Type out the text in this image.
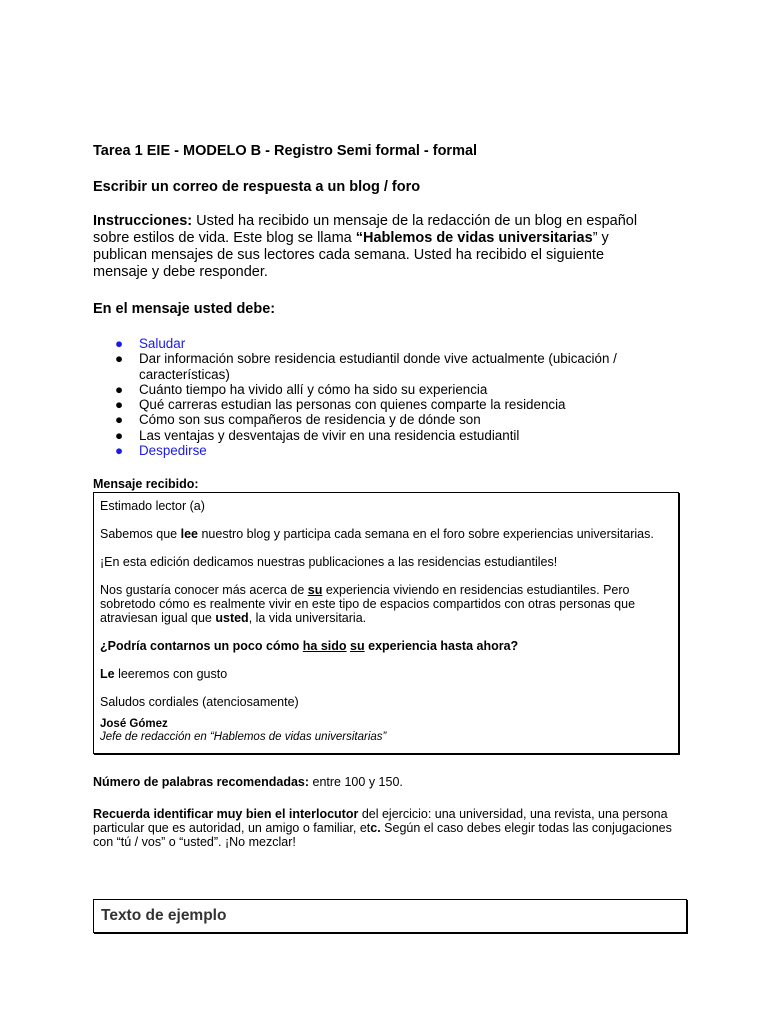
Tarea 1 EIE - MODELO B - Registro Semi formal - formal

Escribir un correo de respuesta a un blog / foro

Instrucciones: Usted ha recibido un mensaje de la redacción de un blog en español sobre estilos de vida. Este blog se llama “Hablemos de vidas universitarias” y publican mensajes de sus lectores cada semana. Usted ha recibido el siguiente mensaje y debe responder.

En el mensaje usted debe:

● Saludar
● Dar información sobre residencia estudiantil donde vive actualmente (ubicación / características)
● Cuánto tiempo ha vivido allí y cómo ha sido su experiencia
● Qué carreras estudian las personas con quienes comparte la residencia
● Cómo son sus compañeros de residencia y de dónde son
● Las ventajas y desventajas de vivir en una residencia estudiantil
● Despedirse

Mensaje recibido:

Estimado lector (a)

Sabemos que lee nuestro blog y participa cada semana en el foro sobre experiencias universitarias.

¡En esta edición dedicamos nuestras publicaciones a las residencias estudiantiles!

Nos gustaría conocer más acerca de su experiencia viviendo en residencias estudiantiles. Pero sobretodo cómo es realmente vivir en este tipo de espacios compartidos con otras personas que atraviesan igual que usted, la vida universitaria.

¿Podría contarnos un poco cómo ha sido su experiencia hasta ahora?

Le leeremos con gusto

Saludos cordiales (atenciosamente)

José Gómez

Jefe de redacción en “Hablemos de vidas universitarias”

Número de palabras recomendadas: entre 100 y 150.

Recuerda identificar muy bien el interlocutor del ejercicio: una universidad, una revista, una persona particular que es autoridad, un amigo o familiar, etc. Según el caso debes elegir todas las conjugaciones con “tú / vos” o “usted”. ¡No mezclar!

Texto de ejemplo
